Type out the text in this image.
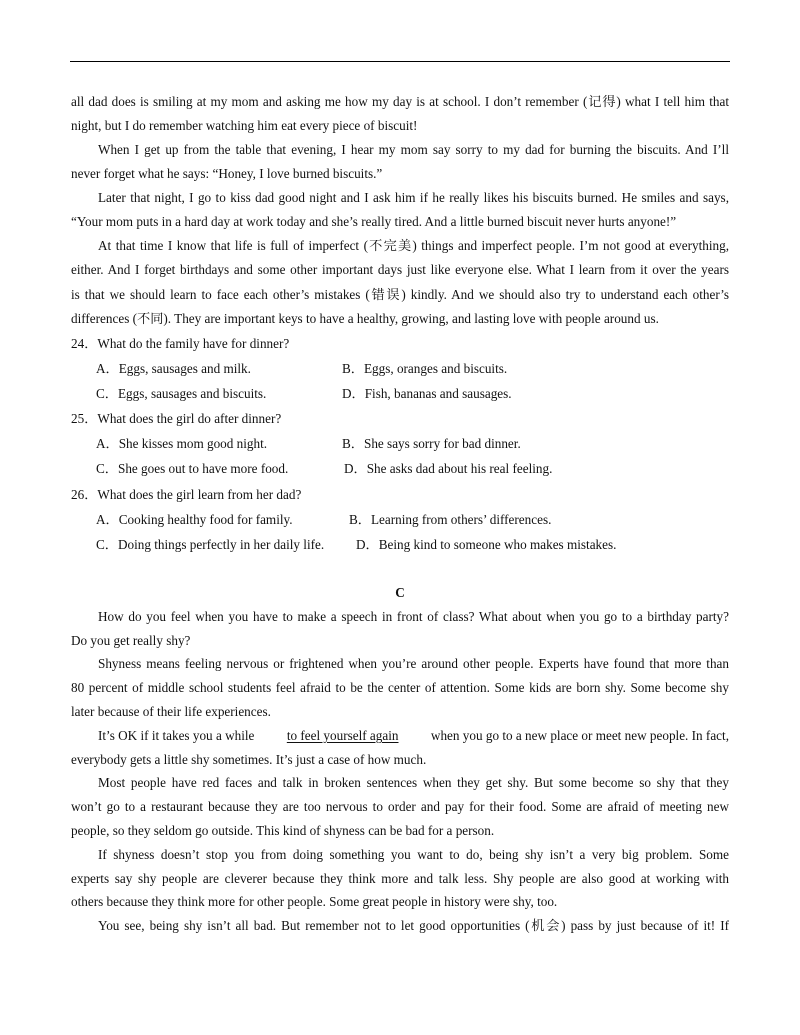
all dad does is smiling at my mom and asking me how my day is at school. I don’t remember (记得) what I tell him that
night, but I do remember watching him eat every piece of biscuit!
When I get up from the table that evening, I hear my mom say sorry to my dad for burning the biscuits. And I’ll
never forget what he says: “Honey, I love burned biscuits.”
Later that night, I go to kiss dad good night and I ask him if he really likes his biscuits burned. He smiles and says,
“Your mom puts in a hard day at work today and she’s really tired. And a little burned biscuit never hurts anyone!”
At that time I know that life is full of imperfect (不完美) things and imperfect people. I’m not good at everything,
either. And I forget birthdays and some other important days just like everyone else. What I learn from it over the years
is that we should learn to face each other’s mistakes (错误) kindly. And we should also try to understand each other’s
differences (不同). They are important keys to have a healthy, growing, and lasting love with people around us.
24．What do the family have for dinner?
A．Eggs, sausages and milk.	B．Eggs, oranges and biscuits.
C．Eggs, sausages and biscuits.	D．Fish, bananas and sausages.
25．What does the girl do after dinner?
A．She kisses mom good night.	B．She says sorry for bad dinner.
C．She goes out to have more food.	D．She asks dad about his real feeling.
26．What does the girl learn from her dad?
A．Cooking healthy food for family.	B．Learning from others’ differences.
C．Doing things perfectly in her daily life. D．Being kind to someone who makes mistakes.
C
How do you feel when you have to make a speech in front of class? What about when you go to a birthday party?
Do you get really shy?
Shyness means feeling nervous or frightened when you’re around other people. Experts have found that more than
80 percent of middle school students feel afraid to be the center of attention. Some kids are born shy. Some become shy
later because of their life experiences.
It’s OK if it takes you a while to feel yourself again when you go to a new place or meet new people. In fact,
everybody gets a little shy sometimes. It’s just a case of how much.
Most people have red faces and talk in broken sentences when they get shy. But some become so shy that they
won’t go to a restaurant because they are too nervous to order and pay for their food. Some are afraid of meeting new
people, so they seldom go outside. This kind of shyness can be bad for a person.
If shyness doesn’t stop you from doing something you want to do, being shy isn’t a very big problem. Some
experts say shy people are cleverer because they think more and talk less. Shy people are also good at working with
others because they think more for other people. Some great people in history were shy, too.
You see, being shy isn’t all bad. But remember not to let good opportunities (机会) pass by just because of it! If
